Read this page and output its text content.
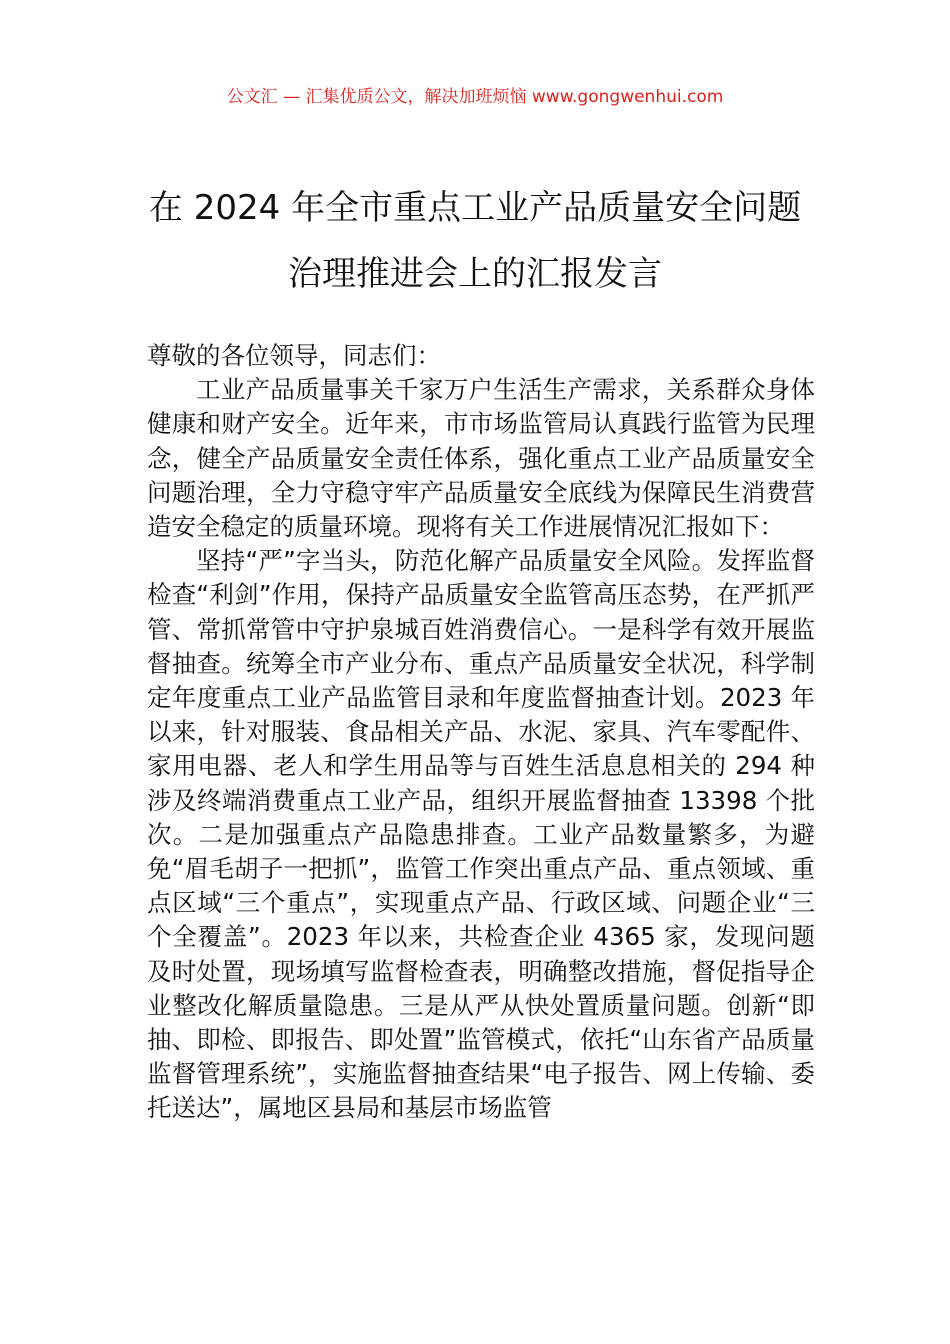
公文汇 — 汇集优质公文，解决加班烦恼 www.gongwenhui.com
在 2024 年全市重点工业产品质量安全问题
治理推进会上的汇报发言

尊敬的各位领导，同志们：

工业产品质量事关千家万户生活生产需求，关系群众身体健康和财产安全。近年来，市市场监管局认真践行监管为民理念，健全产品质量安全责任体系，强化重点工业产品质量安全问题治理，全力守稳守牢产品质量安全底线为保障民生消费营造安全稳定的质量环境。现将有关工作进展情况汇报如下：

坚持“严”字当头，防范化解产品质量安全风险。发挥监督检查“利剑”作用，保持产品质量安全监管高压态势，在严抓严管、常抓常管中守护泉城百姓消费信心。一是科学有效开展监督抽查。统筹全市产业分布、重点产品质量安全状况，科学制定年度重点工业产品监管目录和年度监督抽查计划。2023 年以来，针对服装、食品相关产品、水泥、家具、汽车零配件、家用电器、老人和学生用品等与百姓生活息息相关的 294 种涉及终端消费重点工业产品，组织开展监督抽查 13398 个批次。二是加强重点产品隐患排查。工业产品数量繁多，为避免“眉毛胡子一把抓”，监管工作突出重点产品、重点领域、重点区域“三个重点”，实现重点产品、行政区域、问题企业“三个全覆盖”。2023 年以来，共检查企业 4365 家，发现问题及时处置，现场填写监督检查表，明确整改措施，督促指导企业整改化解质量隐患。三是从严从快处置质量问题。创新“即抽、即检、即报告、即处置”监管模式，依托“山东省产品质量监督管理系统”，实施监督抽查结果“电子报告、网上传输、委托送达”，属地区县局和基层市场监管
